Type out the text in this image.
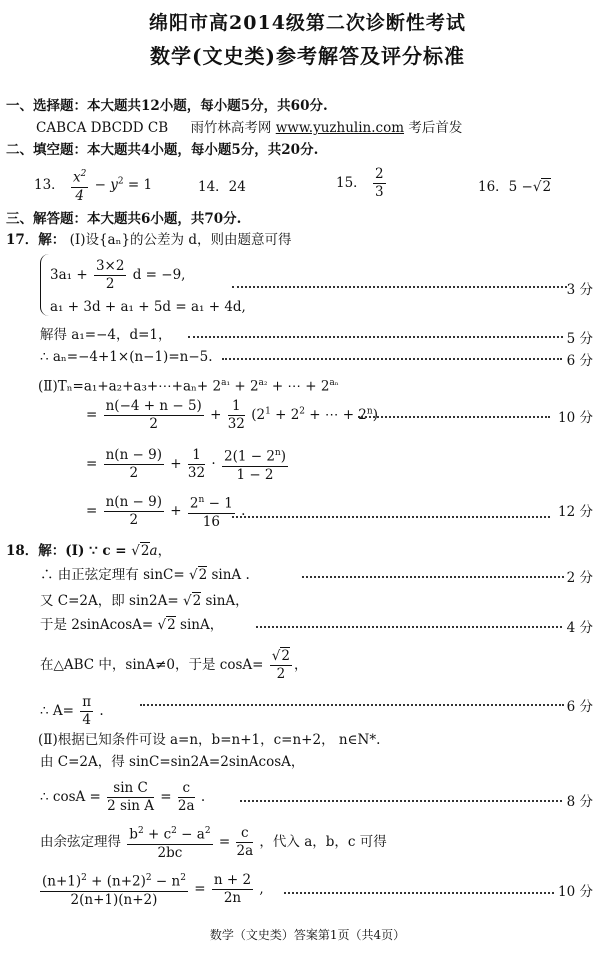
绵阳市高2014级第二次诊断性考试
数学(文史类)参考解答及评分标准
一、选择题：本大题共12小题，每小题5分，共60分.
CABCA DBCDD CB 雨竹林高考网 www.yuzhulin.com 考后首发
二、填空题：本大题共4小题，每小题5分，共20分.
13． $\frac{x^2}{4} - y^2 = 1$	14．24	15． $\frac{2}{3}$	16．5 −√2
三、解答题：本大题共6小题，共70分.
17．解： (Ⅰ)设{aₙ}的公差为 d，则由题意可得
$3a_1 + \frac{3\times 2}{2}$ d = −9,
a₁ + 3d + a₁ + 5d = a₁ + 4d,
3 分
解得 a₁=−4，d=1，	5 分
∴ aₙ=−4+1×(n−1)=n−5.	6 分
(Ⅱ)Tₙ=a₁+a₂+a₃+⋯+aₙ+ $2^{a_1} + 2^{a_2}$ + ⋯ + $2^{a_n}$
= $\frac{n(-4 + n - 5)}{2} + \frac{1}{32} (2^1 + 2^2$ + ⋯ + $2^n$)	10 分
= $\frac{n(n - 9)}{2} + \frac{1}{32} \cdot \frac{2(1 - 2^n)}{1 - 2}$
= $\frac{n(n - 9)}{2} + \frac{2^n - 1}{16}$ .	12 分
18．解：(Ⅰ) ∵ c = √2a，
∴ 由正弦定理有 sinC= √2 sinA .	2 分
又 C=2A，即 sin2A= √2 sinA，
于是 2sinAcosA= √2 sinA，	4 分
在△ABC 中，sinA≠0，于是 $\cos A= \frac{√2}{2}$ ，
∴ $A= \frac{\pi}{4}$ .	6 分
(Ⅱ)根据已知条件可设 a=n，b=n+1，c=n+2， n∈N*.
由 C=2A，得 sinC=sin2A=2sinAcosA，
∴ $\cos A = \frac{\text{sin C}}{\text{2 sin A}} = \frac{c}{2a}$ .	8 分
由余弦定理得 $\frac{b^2 + c^2 - a^2}{2bc} = \frac{c}{2a}$ ，代入 a，b，c 可得
$\frac{(n+1)^2 + (n+2)^2 - n^2}{2(n+1)(n+2)} = \frac{n + 2}{2n}$ ,	10 分
数学（文史类）答案第1页（共4页）
